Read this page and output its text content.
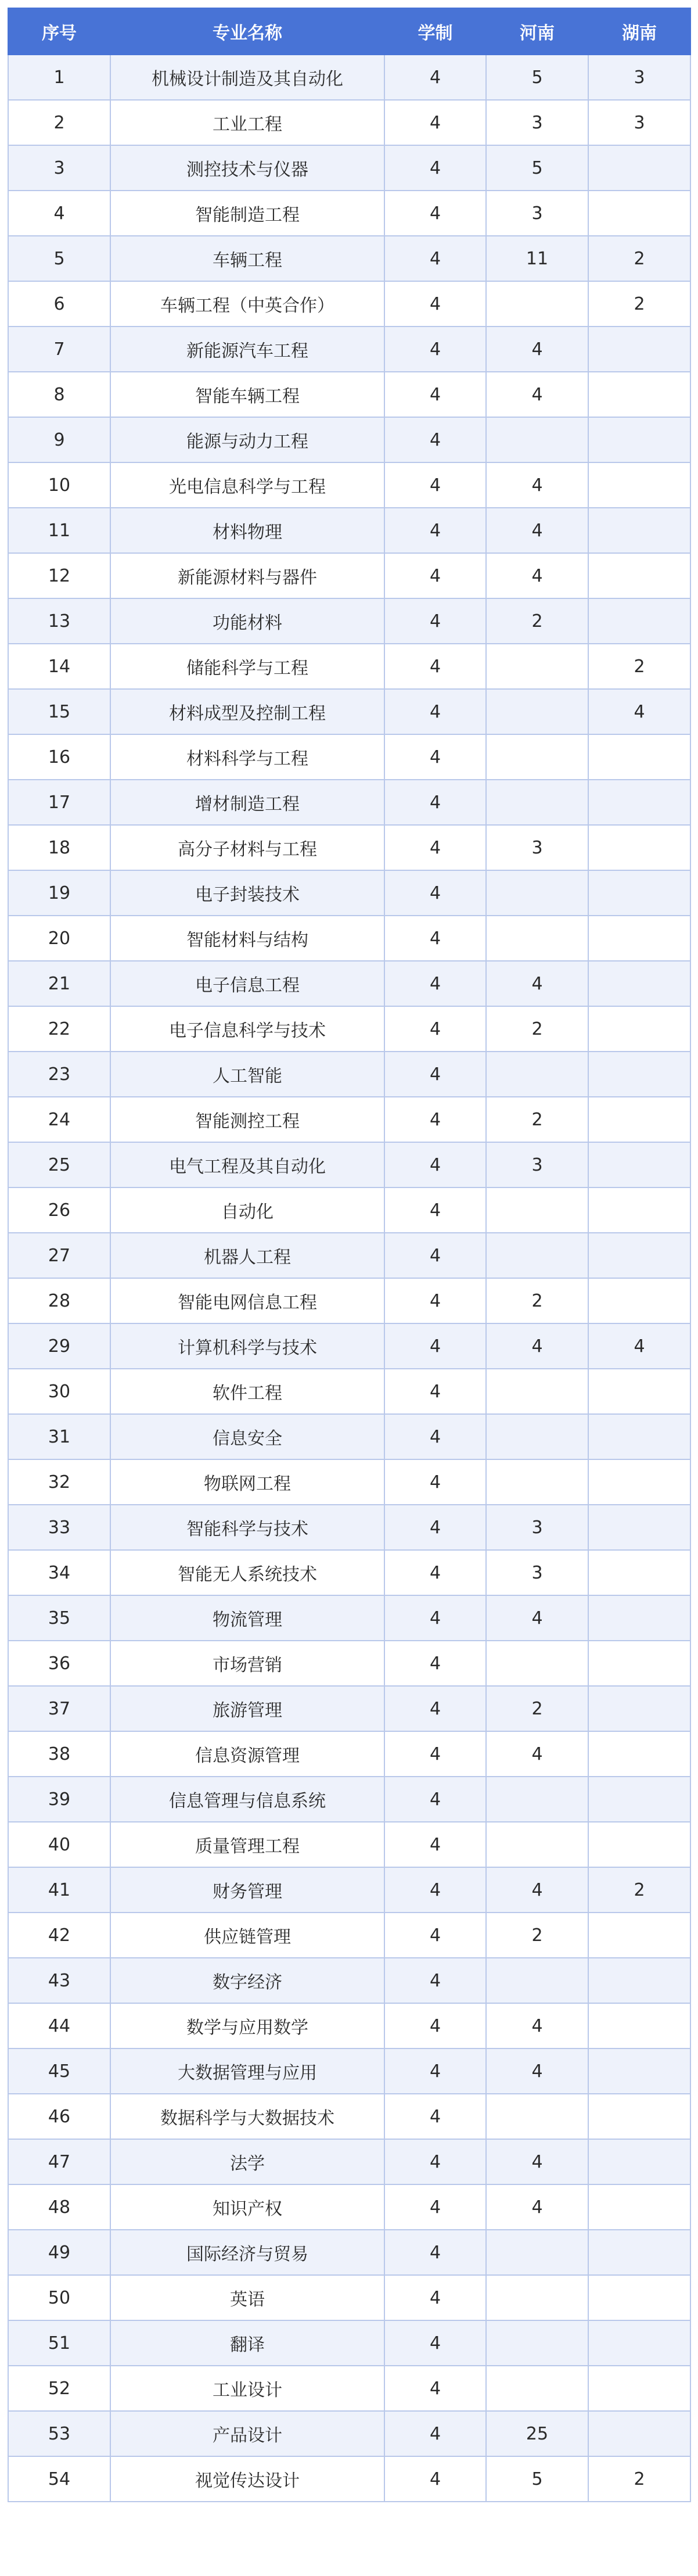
序号	专业名称	学制	河南	湖南
1	机械设计制造及其自动化	4	5	3
2	工业工程	4	3	3
3	测控技术与仪器	4	5	
4	智能制造工程	4	3	
5	车辆工程	4	11	2
6	车辆工程（中英合作）	4		2
7	新能源汽车工程	4	4	
8	智能车辆工程	4	4	
9	能源与动力工程	4		
10	光电信息科学与工程	4	4	
11	材料物理	4	4	
12	新能源材料与器件	4	4	
13	功能材料	4	2	
14	储能科学与工程	4		2
15	材料成型及控制工程	4		4
16	材料科学与工程	4		
17	增材制造工程	4		
18	高分子材料与工程	4	3	
19	电子封装技术	4		
20	智能材料与结构	4		
21	电子信息工程	4	4	
22	电子信息科学与技术	4	2	
23	人工智能	4		
24	智能测控工程	4	2	
25	电气工程及其自动化	4	3	
26	自动化	4		
27	机器人工程	4		
28	智能电网信息工程	4	2	
29	计算机科学与技术	4	4	4
30	软件工程	4		
31	信息安全	4		
32	物联网工程	4		
33	智能科学与技术	4	3	
34	智能无人系统技术	4	3	
35	物流管理	4	4	
36	市场营销	4		
37	旅游管理	4	2	
38	信息资源管理	4	4	
39	信息管理与信息系统	4		
40	质量管理工程	4		
41	财务管理	4	4	2
42	供应链管理	4	2	
43	数字经济	4		
44	数学与应用数学	4	4	
45	大数据管理与应用	4	4	
46	数据科学与大数据技术	4		
47	法学	4	4	
48	知识产权	4	4	
49	国际经济与贸易	4		
50	英语	4		
51	翻译	4		
52	工业设计	4		
53	产品设计	4	25	
54	视觉传达设计	4	5	2
